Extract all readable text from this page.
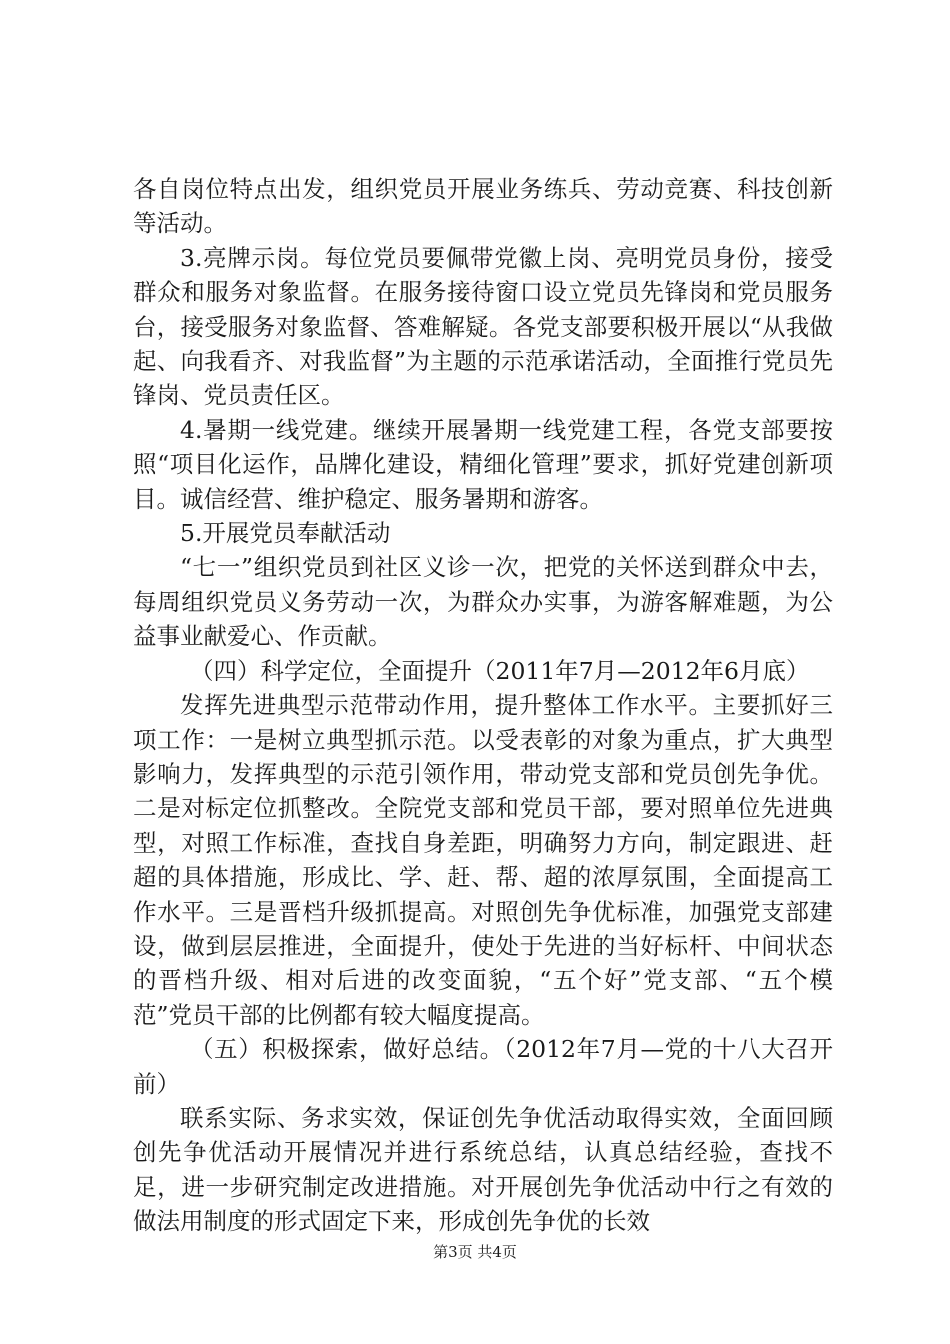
各自岗位特点出发，组织党员开展业务练兵、劳动竞赛、科技创新等活动。

3.亮牌示岗。每位党员要佩带党徽上岗、亮明党员身份，接受群众和服务对象监督。在服务接待窗口设立党员先锋岗和党员服务台，接受服务对象监督、答难解疑。各党支部要积极开展以“从我做起、向我看齐、对我监督”为主题的示范承诺活动，全面推行党员先锋岗、党员责任区。

4.暑期一线党建。继续开展暑期一线党建工程，各党支部要按照“项目化运作，品牌化建设，精细化管理”要求，抓好党建创新项目。诚信经营、维护稳定、服务暑期和游客。

5.开展党员奉献活动

“七一”组织党员到社区义诊一次，把党的关怀送到群众中去，每周组织党员义务劳动一次，为群众办实事，为游客解难题，为公益事业献爱心、作贡献。

（四）科学定位，全面提升（2011年7月—2012年6月底）

发挥先进典型示范带动作用，提升整体工作水平。主要抓好三项工作：一是树立典型抓示范。以受表彰的对象为重点，扩大典型影响力，发挥典型的示范引领作用，带动党支部和党员创先争优。二是对标定位抓整改。全院党支部和党员干部，要对照单位先进典型，对照工作标准，查找自身差距，明确努力方向，制定跟进、赶超的具体措施，形成比、学、赶、帮、超的浓厚氛围，全面提高工作水平。三是晋档升级抓提高。对照创先争优标准，加强党支部建设，做到层层推进，全面提升，使处于先进的当好标杆、中间状态的晋档升级、相对后进的改变面貌，“五个好”党支部、“五个模范”党员干部的比例都有较大幅度提高。

（五）积极探索，做好总结。（2012年7月—党的十八大召开前）

联系实际、务求实效，保证创先争优活动取得实效，全面回顾创先争优活动开展情况并进行系统总结，认真总结经验，查找不足，进一步研究制定改进措施。对开展创先争优活动中行之有效的做法用制度的形式固定下来，形成创先争优的长效

第3页 共4页
